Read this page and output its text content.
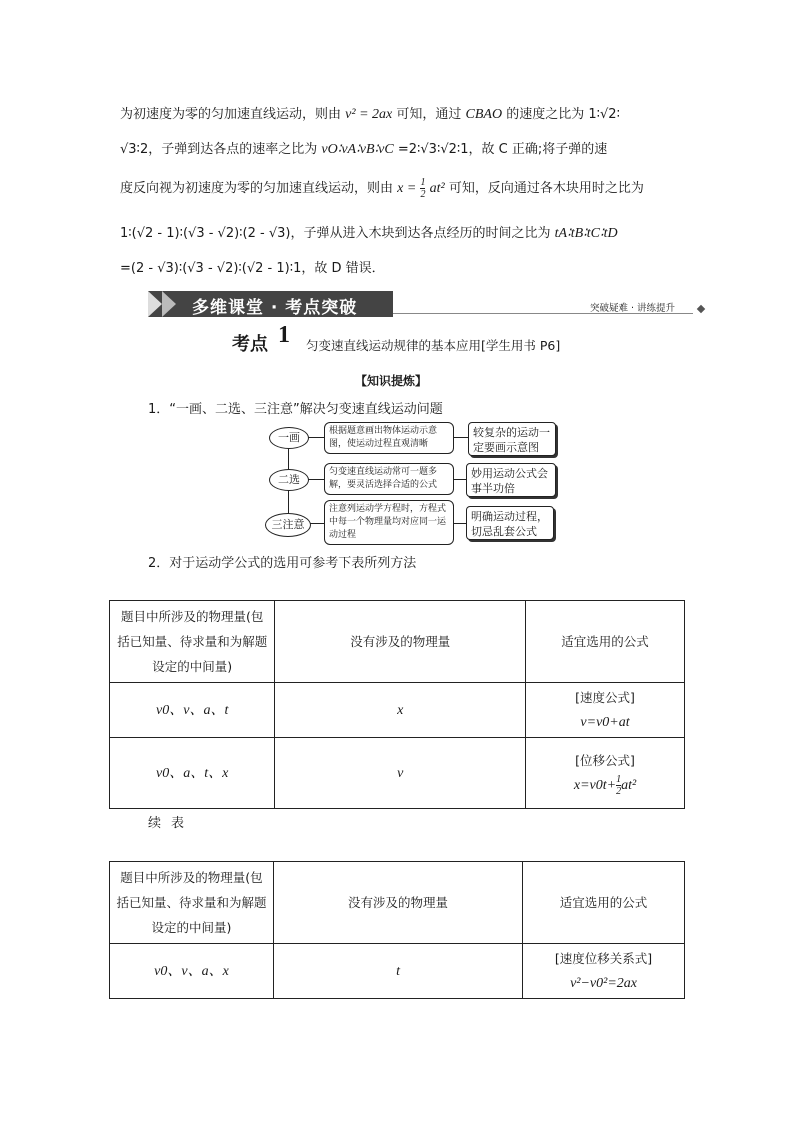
为初速度为零的匀加速直线运动，则由 v² = 2ax 可知，通过 CBAO 的速度之比为 1∶√2∶
√3∶2，子弹到达各点的速率之比为 vO∶vA∶vB∶vC =2∶√3∶√2∶1，故 C 正确;将子弹的速
度反向视为初速度为零的匀加速直线运动，则由 $x = \frac{1}{2} at^2$ 可知，反向通过各木块用时之比为
1∶(√2 - 1)∶(√3 - √2)∶(2 - √3)，子弹从进入木块到达各点经历的时间之比为 tA∶tB∶tC∶tD
=(2 - √3)∶(√3 - √2)∶(√2 - 1)∶1，故 D 错误．
多维课堂 · 考点突破	突破疑难 · 讲练提升
考点 1 匀变速直线运动规律的基本应用[学生用书 P6]
【知识提炼】
1．“一画、二选、三注意”解决匀变速直线运动问题
一画
二选
三注意
根据题意画出物体运动示意图，使运动过程直观清晰
匀变速直线运动常可一题多解，要灵活选择合适的公式
注意列运动学方程时，方程式中每一个物理量均对应同一运动过程
较复杂的运动一定要画示意图
妙用运动公式会事半功倍
明确运动过程，切忌乱套公式
2．对于运动学公式的选用可参考下表所列方法
题目中所涉及的物理量(包括已知量、待求量和为解题设定的中间量)	没有涉及的物理量	适宜选用的公式
v0、v、a、t	x	[速度公式]
v=v0+at

v0、a、t、x	v	[位移公式]
$x=v0t+ \frac{1}{2} at^2$
续表
题目中所涉及的物理量(包括已知量、待求量和为解题设定的中间量)	没有涉及的物理量	适宜选用的公式
v0、v、a、x	t	[速度位移关系式]
v²−v0²=2ax
